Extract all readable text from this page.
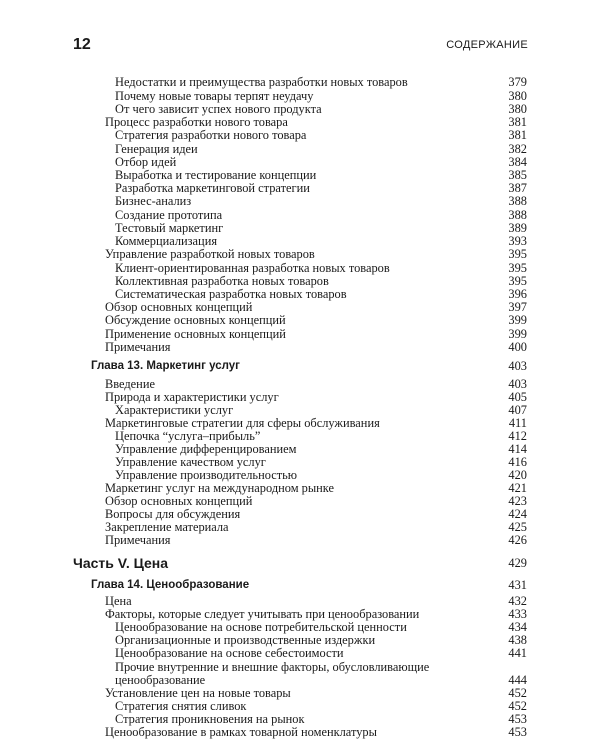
12	СОДЕРЖАНИЕ
Недостатки и преимущества разработки новых товаров	379
Почему новые товары терпят неудачу	380
От чего зависит успех нового продукта	380
Процесс разработки нового товара	381
Стратегия разработки нового товара	381
Генерация идеи	382
Отбор идей	384
Выработка и тестирование концепции	385
Разработка маркетинговой стратегии	387
Бизнес-анализ	388
Создание прототипа	388
Тестовый маркетинг	389
Коммерциализация	393
Управление разработкой новых товаров	395
Клиент-ориентированная разработка новых товаров	395
Коллективная разработка новых товаров	395
Систематическая разработка новых товаров	396
Обзор основных концепций	397
Обсуждение основных концепций	399
Применение основных концепций	399
Примечания	400
Глава 13. Маркетинг услуг	403
Введение	403
Природа и характеристики услуг	405
Характеристики услуг	407
Маркетинговые стратегии для сферы обслуживания	411
Цепочка “услуга–прибыль”	412
Управление дифференцированием	414
Управление качеством услуг	416
Управление производительностью	420
Маркетинг услуг на международном рынке	421
Обзор основных концепций	423
Вопросы для обсуждения	424
Закрепление материала	425
Примечания	426
Часть V. Цена	429
Глава 14. Ценообразование	431
Цена	432
Факторы, которые следует учитывать при ценообразовании	433
Ценообразование на основе потребительской ценности	434
Организационные и производственные издержки	438
Ценообразование на основе себестоимости	441
Прочие внутренние и внешние факторы, обусловливающие
ценообразование	444
Установление цен на новые товары	452
Стратегия снятия сливок	452
Стратегия проникновения на рынок	453
Ценообразование в рамках товарной номенклатуры	453
